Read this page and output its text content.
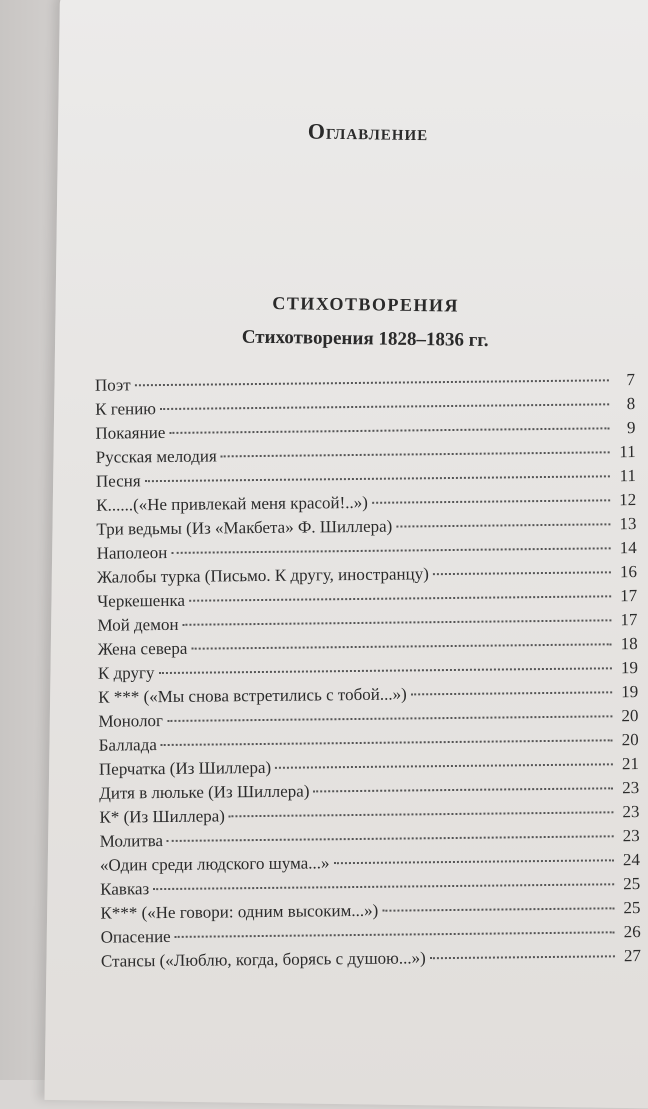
Оглавление
СТИХОТВОРЕНИЯ
Стихотворения 1828–1836 гг.
Поэт	7
К гению	8
Покаяние	9
Русская мелодия	11
Песня	11
К......(«Не привлекай меня красой!..»)	12
Три ведьмы (Из «Макбета» Ф. Шиллера)	13
Наполеон	14
Жалобы турка (Письмо. К другу, иностранцу)	16
Черкешенка	17
Мой демон	17
Жена севера	18
К другу	19
К *** («Мы снова встретились с тобой...»)	19
Монолог	20
Баллада	20
Перчатка (Из Шиллера)	21
Дитя в люльке (Из Шиллера)	23
К* (Из Шиллера)	23
Молитва	23
«Один среди людского шума...»	24
Кавказ	25
К*** («Не говори: одним высоким...»)	25
Опасение	26
Стансы («Люблю, когда, борясь с душою...»)	27
